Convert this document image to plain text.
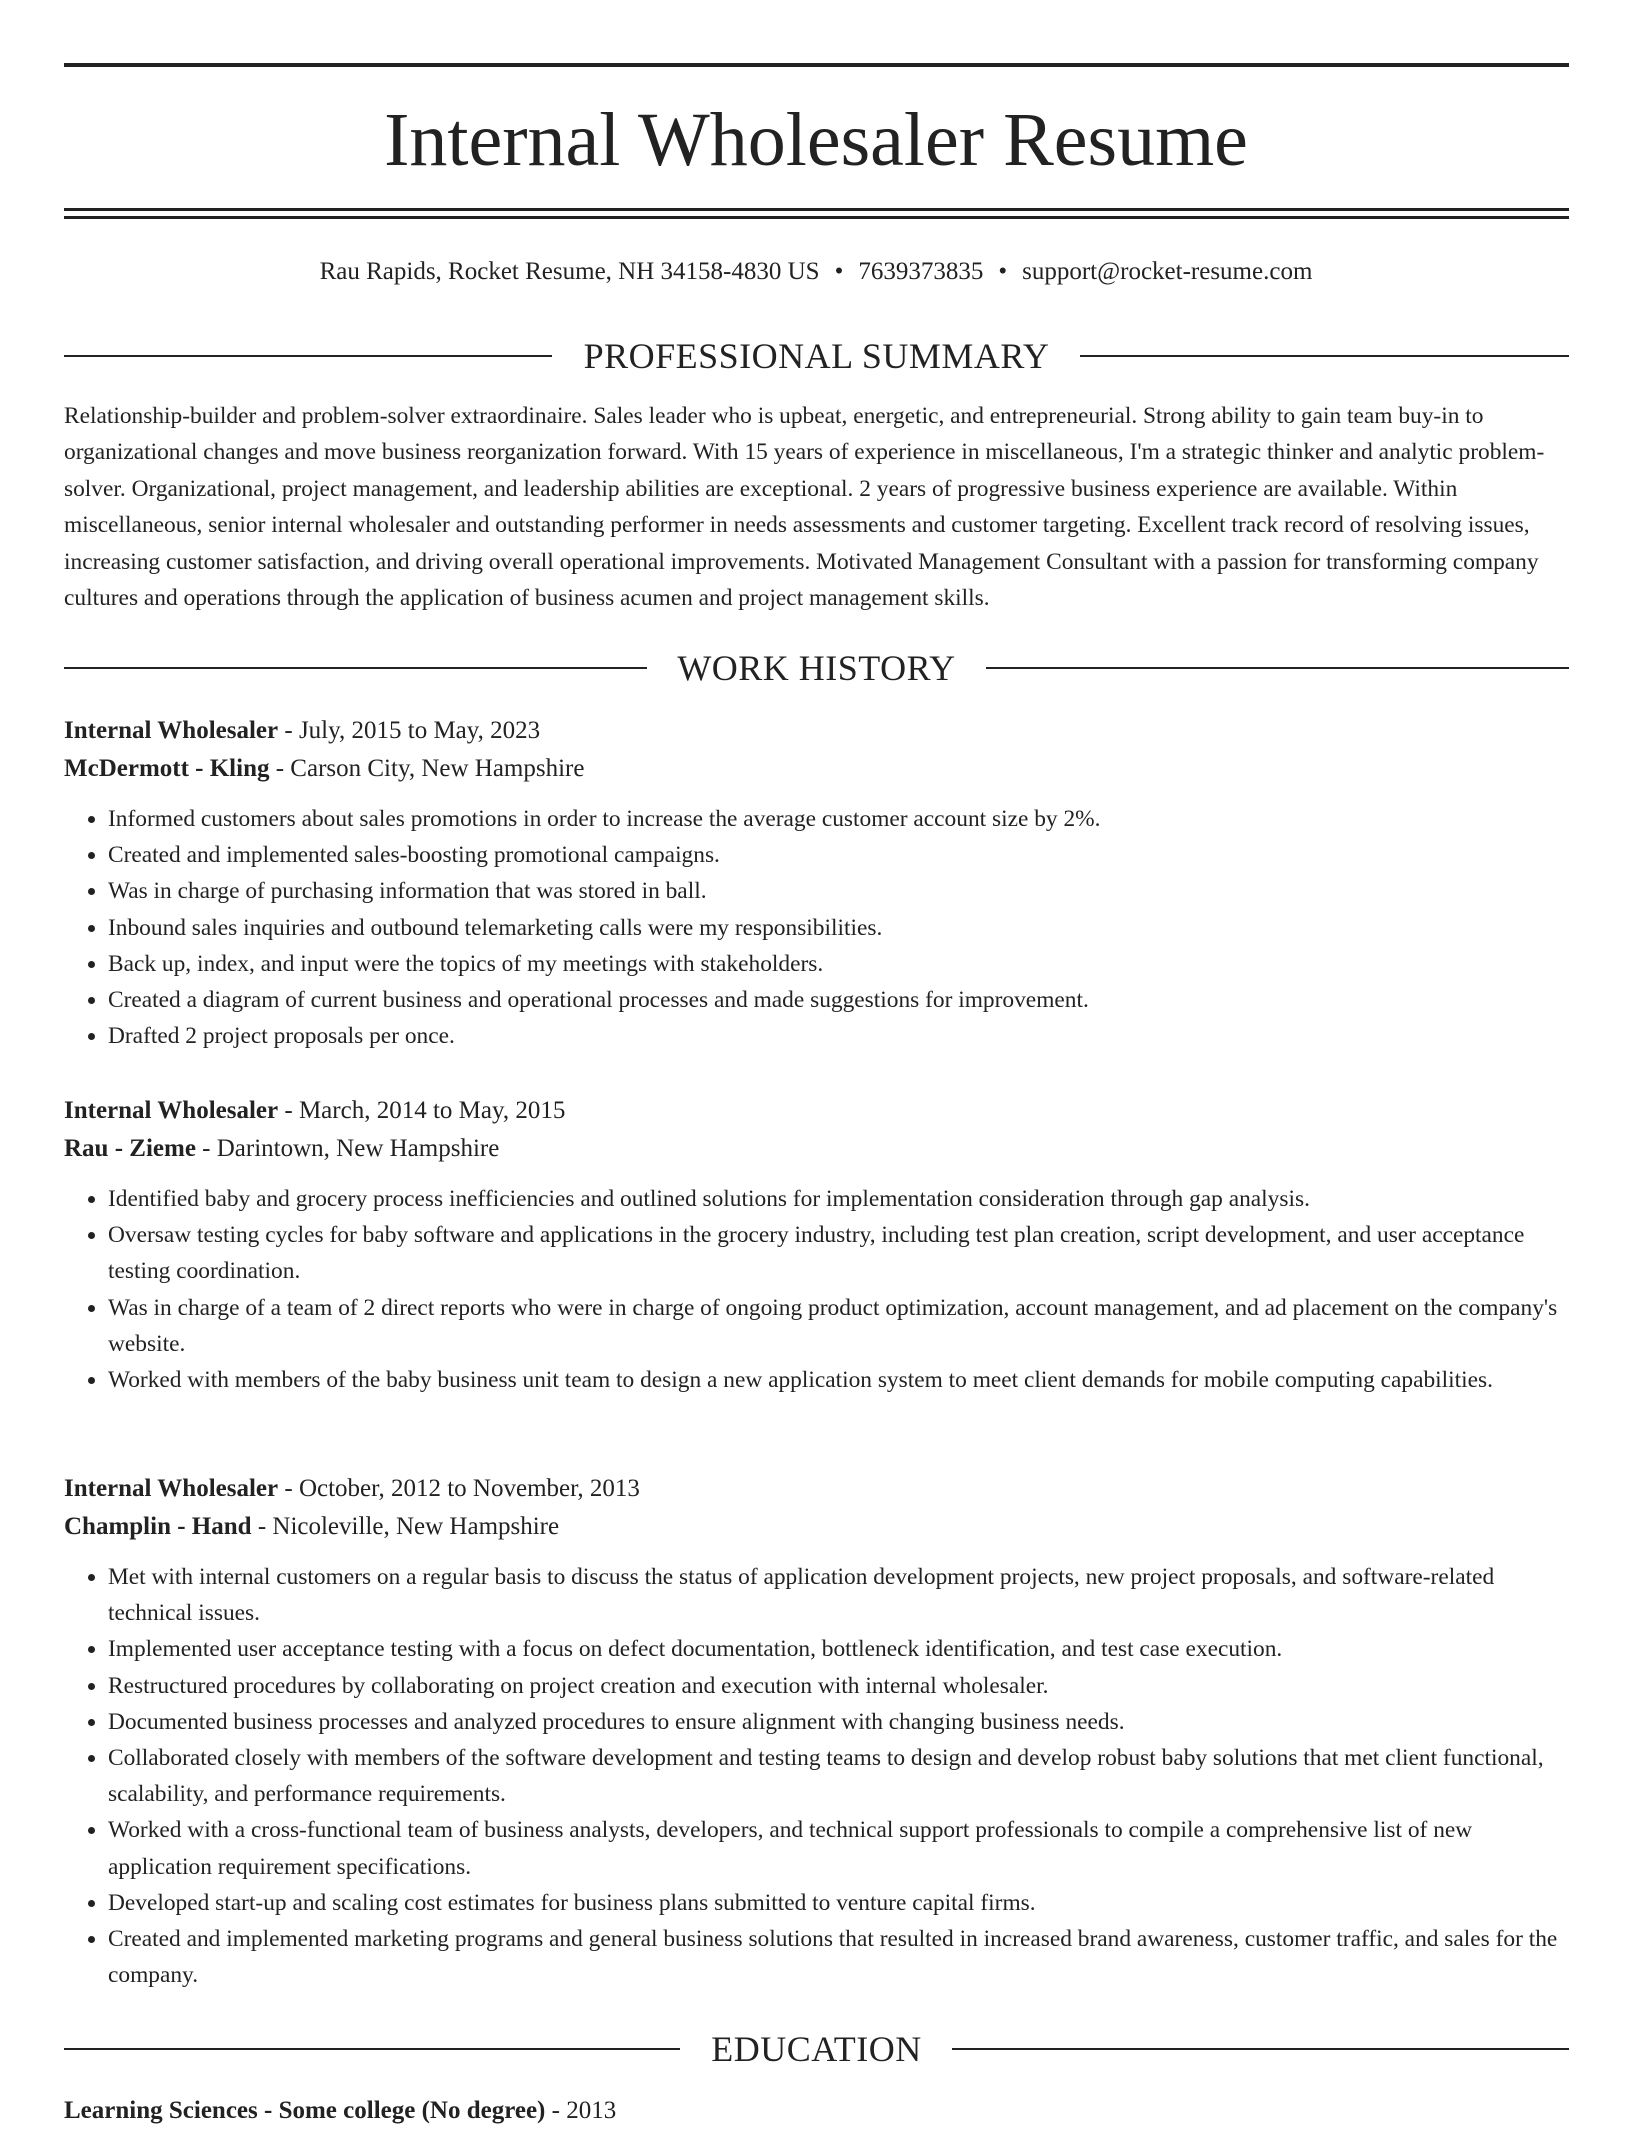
Internal Wholesaler Resume
Rau Rapids, Rocket Resume, NH 34158-4830 US • 7639373835 • support@rocket-resume.com
PROFESSIONAL SUMMARY
Relationship-builder and problem-solver extraordinaire. Sales leader who is upbeat, energetic, and entrepreneurial. Strong ability to gain team buy-in to organizational changes and move business reorganization forward. With 15 years of experience in miscellaneous, I'm a strategic thinker and analytic problem-solver. Organizational, project management, and leadership abilities are exceptional. 2 years of progressive business experience are available. Within miscellaneous, senior internal wholesaler and outstanding performer in needs assessments and customer targeting. Excellent track record of resolving issues, increasing customer satisfaction, and driving overall operational improvements. Motivated Management Consultant with a passion for transforming company cultures and operations through the application of business acumen and project management skills.
WORK HISTORY
Internal Wholesaler - July, 2015 to May, 2023
McDermott - Kling - Carson City, New Hampshire
• Informed customers about sales promotions in order to increase the average customer account size by 2%.
• Created and implemented sales-boosting promotional campaigns.
• Was in charge of purchasing information that was stored in ball.
• Inbound sales inquiries and outbound telemarketing calls were my responsibilities.
• Back up, index, and input were the topics of my meetings with stakeholders.
• Created a diagram of current business and operational processes and made suggestions for improvement.
• Drafted 2 project proposals per once.
Internal Wholesaler - March, 2014 to May, 2015
Rau - Zieme - Darintown, New Hampshire
• Identified baby and grocery process inefficiencies and outlined solutions for implementation consideration through gap analysis.
• Oversaw testing cycles for baby software and applications in the grocery industry, including test plan creation, script development, and user acceptance testing coordination.
• Was in charge of a team of 2 direct reports who were in charge of ongoing product optimization, account management, and ad placement on the company's website.
• Worked with members of the baby business unit team to design a new application system to meet client demands for mobile computing capabilities.
Internal Wholesaler - October, 2012 to November, 2013
Champlin - Hand - Nicoleville, New Hampshire
• Met with internal customers on a regular basis to discuss the status of application development projects, new project proposals, and software-related technical issues.
• Implemented user acceptance testing with a focus on defect documentation, bottleneck identification, and test case execution.
• Restructured procedures by collaborating on project creation and execution with internal wholesaler.
• Documented business processes and analyzed procedures to ensure alignment with changing business needs.
• Collaborated closely with members of the software development and testing teams to design and develop robust baby solutions that met client functional, scalability, and performance requirements.
• Worked with a cross-functional team of business analysts, developers, and technical support professionals to compile a comprehensive list of new application requirement specifications.
• Developed start-up and scaling cost estimates for business plans submitted to venture capital firms.
• Created and implemented marketing programs and general business solutions that resulted in increased brand awareness, customer traffic, and sales for the company.
EDUCATION
Learning Sciences - Some college (No degree) - 2013
